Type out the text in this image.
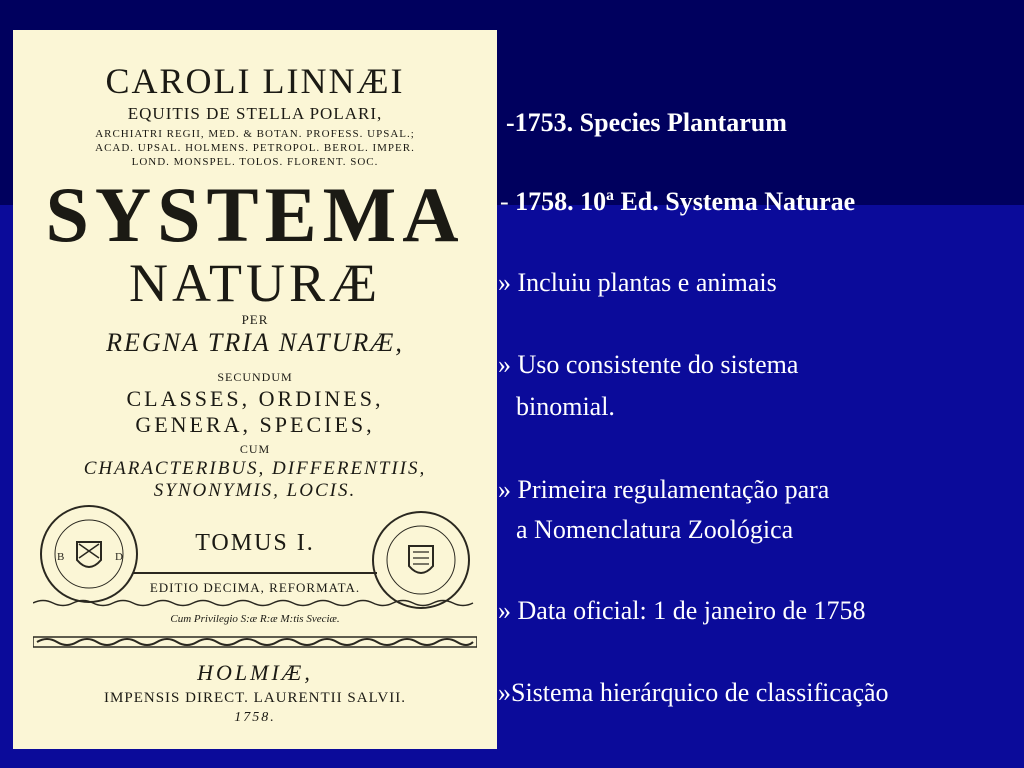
CAROLI LINNÆI
EQUITIS DE STELLA POLARI,
ARCHIATRI REGII, MED. & BOTAN. PROFESS. UPSAL.;
ACAD. UPSAL. HOLMENS. PETROPOL. BEROL. IMPER.
LOND. MONSPEL. TOLOS. FLORENT. SOC.
SYSTEMA
NATURÆ
PER
REGNA TRIA NATURÆ,
SECUNDUM
CLASSES, ORDINES,
GENERA, SPECIES,
CUM
CHARACTERIBUS, DIFFERENTIIS,
SYNONYMIS, LOCIS.
B	D
TOMUS I.
EDITIO DECIMA, REFORMATA.
Cum Privilegio S:æ R:æ M:tis Sveciæ.
HOLMIÆ,
IMPENSIS DIRECT. LAURENTII SALVII.
1758.
-1753. Species Plantarum
- 1758. 10ª Ed. Systema Naturae
» Incluiu plantas e animais
» Uso consistente do sistema
binomial.
» Primeira regulamentação para
a Nomenclatura Zoológica
» Data oficial: 1 de janeiro de 1758
»Sistema hierárquico de classificação
